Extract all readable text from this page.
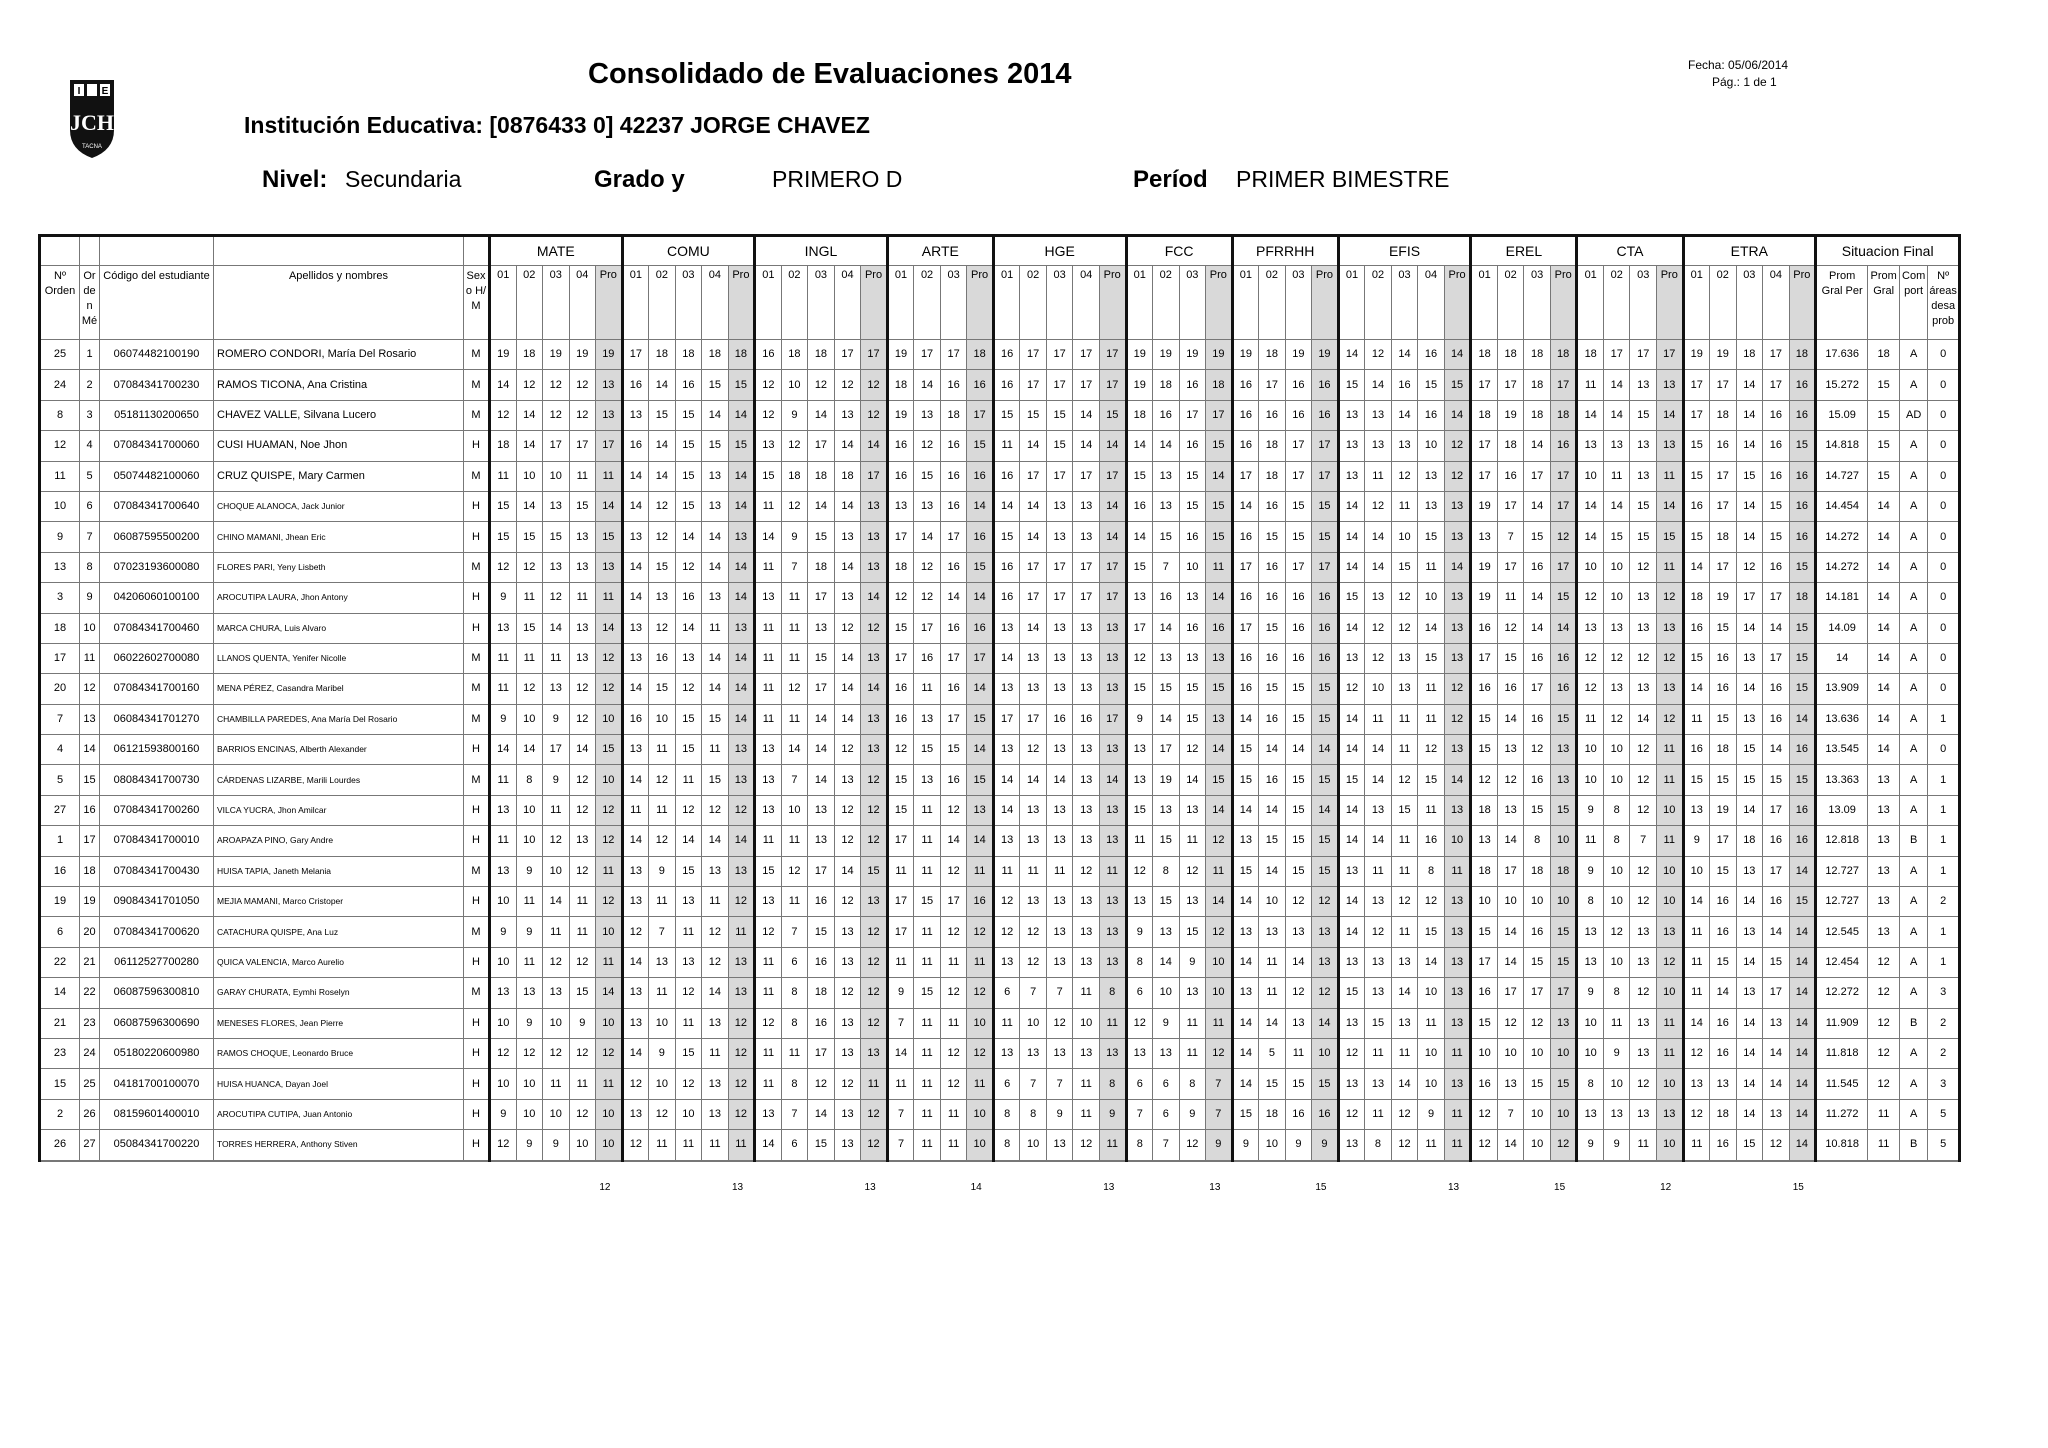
I E
JCH
TACNA
Consolidado de Evaluaciones 2014	Fecha: 05/06/2014
Pág.: 1 de 1
Institución Educativa: [0876433 0] 42237 JORGE CHAVEZ
Nivel: Secundaria	Grado y	PRIMERO D	Períod PRIMER BIMESTRE
					MATE					COMU					INGL					ARTE				HGE					FCC				PFRRHH				EFIS					EREL				CTA				ETRA					Situacion Final			
Nº Orden	Or de n Mé	Código del estudiante	Apellidos y nombres	Sex o H/ M	01	02	03	04	Pro	01	02	03	04	Pro	01	02	03	04	Pro	01	02	03	Pro	01	02	03	04	Pro	01	02	03	Pro	01	02	03	Pro	01	02	03	04	Pro	01	02	03	Pro	01	02	03	Pro	01	02	03	04	Pro	Prom Gral Per	Prom Gral	Com port	Nº áreas desa prob
25	1	06074482100190	ROMERO CONDORI, María Del Rosario	M	19	18	19	19	19	17	18	18	18	18	16	18	18	17	17	19	17	17	18	16	17	17	17	17	19	19	19	19	19	18	19	19	14	12	14	16	14	18	18	18	18	18	17	17	17	19	19	18	17	18	17.636	18	A	0
24	2	07084341700230	RAMOS TICONA, Ana Cristina	M	14	12	12	12	13	16	14	16	15	15	12	10	12	12	12	18	14	16	16	16	17	17	17	17	19	18	16	18	16	17	16	16	15	14	16	15	15	17	17	18	17	11	14	13	13	17	17	14	17	16	15.272	15	A	0
8	3	05181130200650	CHAVEZ VALLE, Silvana Lucero	M	12	14	12	12	13	13	15	15	14	14	12	9	14	13	12	19	13	18	17	15	15	15	14	15	18	16	17	17	16	16	16	16	13	13	14	16	14	18	19	18	18	14	14	15	14	17	18	14	16	16	15.09	15	AD	0
12	4	07084341700060	CUSI HUAMAN, Noe Jhon	H	18	14	17	17	17	16	14	15	15	15	13	12	17	14	14	16	12	16	15	11	14	15	14	14	14	14	16	15	16	18	17	17	13	13	13	10	12	17	18	14	16	13	13	13	13	15	16	14	16	15	14.818	15	A	0
11	5	05074482100060	CRUZ QUISPE, Mary Carmen	M	11	10	10	11	11	14	14	15	13	14	15	18	18	18	17	16	15	16	16	16	17	17	17	17	15	13	15	14	17	18	17	17	13	11	12	13	12	17	16	17	17	10	11	13	11	15	17	15	16	16	14.727	15	A	0
10	6	07084341700640	CHOQUE ALANOCA, Jack Junior	H	15	14	13	15	14	14	12	15	13	14	11	12	14	14	13	13	13	16	14	14	14	13	13	14	16	13	15	15	14	16	15	15	14	12	11	13	13	19	17	14	17	14	14	15	14	16	17	14	15	16	14.454	14	A	0
9	7	06087595500200	CHINO MAMANI, Jhean Eric	H	15	15	15	13	15	13	12	14	14	13	14	9	15	13	13	17	14	17	16	15	14	13	13	14	14	15	16	15	16	15	15	15	14	14	10	15	13	13	7	15	12	14	15	15	15	15	18	14	15	16	14.272	14	A	0
13	8	07023193600080	FLORES PARI, Yeny Lisbeth	M	12	12	13	13	13	14	15	12	14	14	11	7	18	14	13	18	12	16	15	16	17	17	17	17	15	7	10	11	17	16	17	17	14	14	15	11	14	19	17	16	17	10	10	12	11	14	17	12	16	15	14.272	14	A	0
3	9	04206060100100	AROCUTIPA LAURA, Jhon Antony	H	9	11	12	11	11	14	13	16	13	14	13	11	17	13	14	12	12	14	14	16	17	17	17	17	13	16	13	14	16	16	16	16	15	13	12	10	13	19	11	14	15	12	10	13	12	18	19	17	17	18	14.181	14	A	0
18	10	07084341700460	MARCA CHURA, Luis Alvaro	H	13	15	14	13	14	13	12	14	11	13	11	11	13	12	12	15	17	16	16	13	14	13	13	13	17	14	16	16	17	15	16	16	14	12	12	14	13	16	12	14	14	13	13	13	13	16	15	14	14	15	14.09	14	A	0
17	11	06022602700080	LLANOS QUENTA, Yenifer Nicolle	M	11	11	11	13	12	13	16	13	14	14	11	11	15	14	13	17	16	17	17	14	13	13	13	13	12	13	13	13	16	16	16	16	13	12	13	15	13	17	15	16	16	12	12	12	12	15	16	13	17	15	14	14	A	0
20	12	07084341700160	MENA PÉREZ, Casandra Maribel	M	11	12	13	12	12	14	15	12	14	14	11	12	17	14	14	16	11	16	14	13	13	13	13	13	15	15	15	15	16	15	15	15	12	10	13	11	12	16	16	17	16	12	13	13	13	14	16	14	16	15	13.909	14	A	0
7	13	06084341701270	CHAMBILLA PAREDES, Ana María Del Rosario	M	9	10	9	12	10	16	10	15	15	14	11	11	14	14	13	16	13	17	15	17	17	16	16	17	9	14	15	13	14	16	15	15	14	11	11	11	12	15	14	16	15	11	12	14	12	11	15	13	16	14	13.636	14	A	1
4	14	06121593800160	BARRIOS ENCINAS, Alberth Alexander	H	14	14	17	14	15	13	11	15	11	13	13	14	14	12	13	12	15	15	14	13	12	13	13	13	13	17	12	14	15	14	14	14	14	14	11	12	13	15	13	12	13	10	10	12	11	16	18	15	14	16	13.545	14	A	0
5	15	08084341700730	CÁRDENAS LIZARBE, Marili Lourdes	M	11	8	9	12	10	14	12	11	15	13	13	7	14	13	12	15	13	16	15	14	14	14	13	14	13	19	14	15	15	16	15	15	15	14	12	15	14	12	12	16	13	10	10	12	11	15	15	15	15	15	13.363	13	A	1
27	16	07084341700260	VILCA YUCRA, Jhon Amilcar	H	13	10	11	12	12	11	11	12	12	12	13	10	13	12	12	15	11	12	13	14	13	13	13	13	15	13	13	14	14	14	15	14	14	13	15	11	13	18	13	15	15	9	8	12	10	13	19	14	17	16	13.09	13	A	1
1	17	07084341700010	AROAPAZA PINO, Gary Andre	H	11	10	12	13	12	14	12	14	14	14	11	11	13	12	12	17	11	14	14	13	13	13	13	13	11	15	11	12	13	15	15	15	14	14	11	16	10	13	14	8	10	11	8	7	11	9	17	18	16	16	12.818	13	B	1
16	18	07084341700430	HUISA TAPIA, Janeth Melania	M	13	9	10	12	11	13	9	15	13	13	15	12	17	14	15	11	11	12	11	11	11	11	12	11	12	8	12	11	15	14	15	15	13	11	11	8	11	18	17	18	18	9	10	12	10	10	15	13	17	14	12.727	13	A	1
19	19	09084341701050	MEJIA MAMANI, Marco Cristoper	H	10	11	14	11	12	13	11	13	11	12	13	11	16	12	13	17	15	17	16	12	13	13	13	13	13	15	13	14	14	10	12	12	14	13	12	12	13	10	10	10	10	8	10	12	10	14	16	14	16	15	12.727	13	A	2
6	20	07084341700620	CATACHURA QUISPE, Ana Luz	M	9	9	11	11	10	12	7	11	12	11	12	7	15	13	12	17	11	12	12	12	12	13	13	13	9	13	15	12	13	13	13	13	14	12	11	15	13	15	14	16	15	13	12	13	13	11	16	13	14	14	12.545	13	A	1
22	21	06112527700280	QUICA VALENCIA, Marco Aurelio	H	10	11	12	12	11	14	13	13	12	13	11	6	16	13	12	11	11	11	11	13	12	13	13	13	8	14	9	10	14	11	14	13	13	13	13	14	13	17	14	15	15	13	10	13	12	11	15	14	15	14	12.454	12	A	1
14	22	06087596300810	GARAY CHURATA, Eymhi Roselyn	M	13	13	13	15	14	13	11	12	14	13	11	8	18	12	12	9	15	12	12	6	7	7	11	8	6	10	13	10	13	11	12	12	15	13	14	10	13	16	17	17	17	9	8	12	10	11	14	13	17	14	12.272	12	A	3
21	23	06087596300690	MENESES FLORES, Jean Pierre	H	10	9	10	9	10	13	10	11	13	12	12	8	16	13	12	7	11	11	10	11	10	12	10	11	12	9	11	11	14	14	13	14	13	15	13	11	13	15	12	12	13	10	11	13	11	14	16	14	13	14	11.909	12	B	2
23	24	05180220600980	RAMOS CHOQUE, Leonardo Bruce	H	12	12	12	12	12	14	9	15	11	12	11	11	17	13	13	14	11	12	12	13	13	13	13	13	13	13	11	12	14	5	11	10	12	11	11	10	11	10	10	10	10	10	9	13	11	12	16	14	14	14	11.818	12	A	2
15	25	04181700100070	HUISA HUANCA, Dayan Joel	H	10	10	11	11	11	12	10	12	13	12	11	8	12	12	11	11	11	12	11	6	7	7	11	8	6	6	8	7	14	15	15	15	13	13	14	10	13	16	13	15	15	8	10	12	10	13	13	14	14	14	11.545	12	A	3
2	26	08159601400010	AROCUTIPA CUTIPA, Juan Antonio	H	9	10	10	12	10	13	12	10	13	12	13	7	14	13	12	7	11	11	10	8	8	9	11	9	7	6	9	7	15	18	16	16	12	11	12	9	11	12	7	10	10	13	13	13	13	12	18	14	13	14	11.272	11	A	5
26	27	05084341700220	TORRES HERRERA, Anthony Stiven	H	12	9	9	10	10	12	11	11	11	11	14	6	15	13	12	7	11	11	10	8	10	13	12	11	8	7	12	9	9	10	9	9	13	8	12	11	11	12	14	10	12	9	9	11	10	11	16	15	12	14	10.818	11	B	5
12	13	13	14	13	13	15	13	15	12	15
